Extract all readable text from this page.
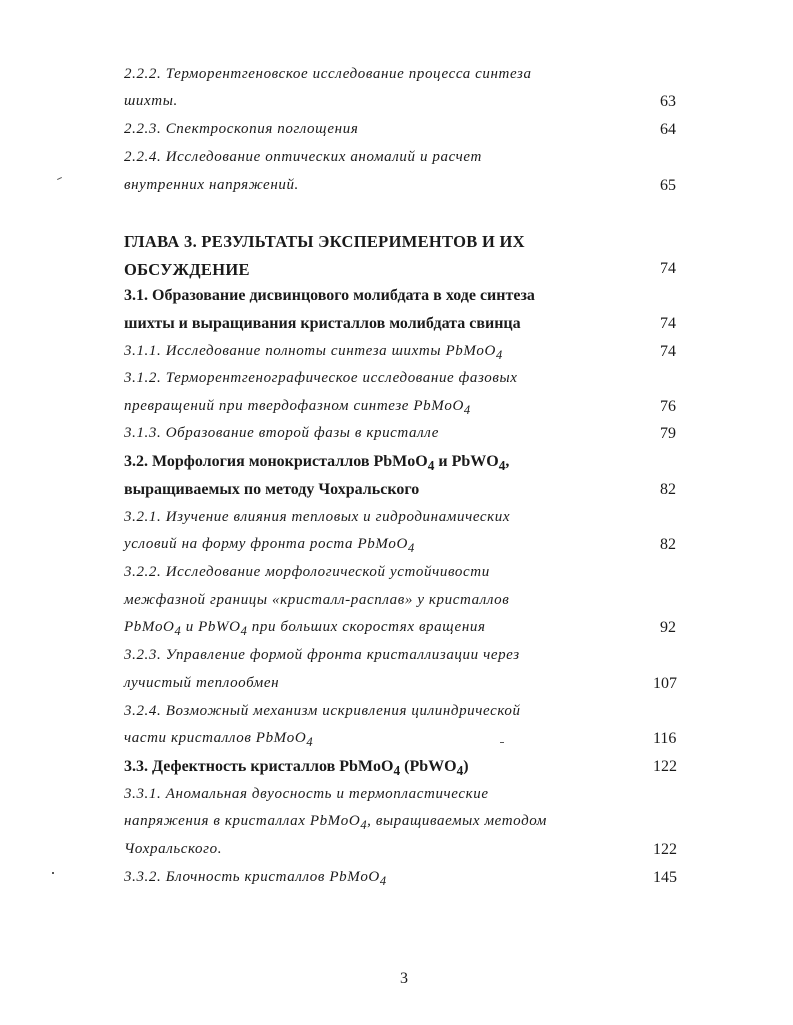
2.2.2. Терморентгеновское исследование процесса синтеза
шихты.	63
2.2.3. Спектроскопия поглощения	64
2.2.4. Исследование оптических аномалий и расчет
внутренних напряжений.	65
ГЛАВА 3. РЕЗУЛЬТАТЫ ЭКСПЕРИМЕНТОВ И ИХ
ОБСУЖДЕНИЕ	74
3.1. Образование дисвинцового молибдата в ходе синтеза
шихты и выращивания кристаллов молибдата свинца	74
3.1.1. Исследование полноты синтеза шихты PbMoO$_4$	74
3.1.2. Терморентгенографическое исследование фазовых
превращений при твердофазном синтезе PbMoO$_4$	76
3.1.3. Образование второй фазы в кристалле	79
3.2. Морфология монокристаллов PbMoO$_4$ и PbWO$_4$,
выращиваемых по методу Чохральского	82
3.2.1. Изучение влияния тепловых и гидродинамических
условий на форму фронта роста PbMoO$_4$	82
3.2.2. Исследование морфологической устойчивости
межфазной границы «кристалл-расплав» у кристаллов
PbMoO$_4$ и PbWO$_4$ при больших скоростях вращения	92
3.2.3. Управление формой фронта кристаллизации через
лучистый теплообмен	107
3.2.4. Возможный механизм искривления цилиндрической
части кристаллов PbMoO$_4$	116
3.3. Дефектность кристаллов PbMoO$_4$ (PbWO$_4$)	122
3.3.1. Аномальная двуосность и термопластические
напряжения в кристаллах PbMoO$_4$, выращиваемых методом
Чохральского.	122
3.3.2. Блочность кристаллов PbMoO$_4$	145
3
